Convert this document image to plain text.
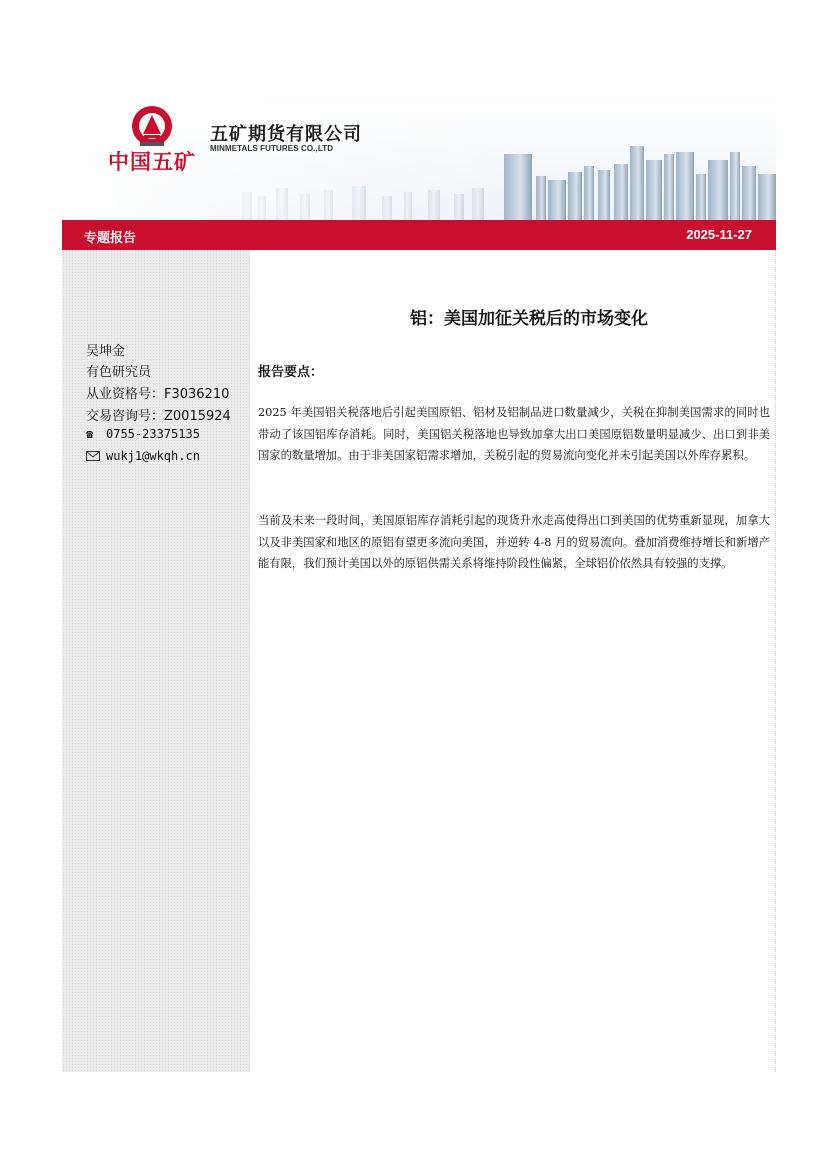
中国五矿
五矿期货有限公司
MINMETALS FUTURES CO.,LTD
专题报告	2025-11-27
吴坤金
有色研究员
从业资格号：F3036210
交易咨询号：Z0015924
☎ 0755-23375135
wukj1@wkqh.cn
铝：美国加征关税后的市场变化
报告要点：

2025 年美国铝关税落地后引起美国原铝、铝材及铝制品进口数量减少，关税在抑制美国需求的同时也带动了该国铝库存消耗。同时，美国铝关税落地也导致加拿大出口美国原铝数量明显减少、出口到非美国家的数量增加。由于非美国家铝需求增加，关税引起的贸易流向变化并未引起美国以外库存累积。

当前及未来一段时间，美国原铝库存消耗引起的现货升水走高使得出口到美国的优势重新显现，加拿大以及非美国家和地区的原铝有望更多流向美国，并逆转 4-8 月的贸易流向。叠加消费维持增长和新增产能有限，我们预计美国以外的原铝供需关系将维持阶段性偏紧，全球铝价依然具有较强的支撑。
